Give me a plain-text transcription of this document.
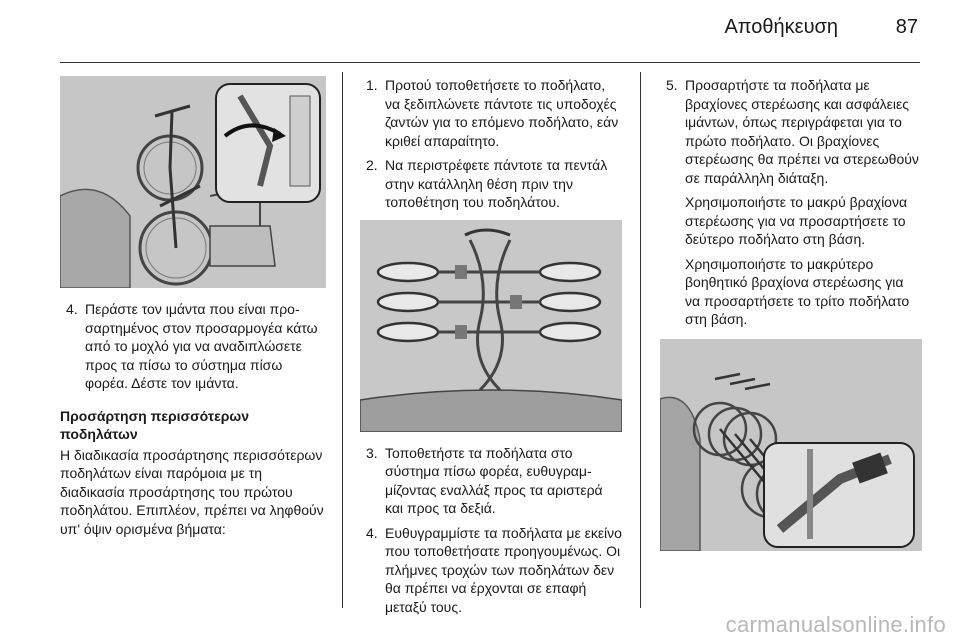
Αποθήκευση	87
4. Περάστε τον ιμάντα που είναι προσαρτημένος στον προσαρμογέα κάτω από το μοχλό για να αναδιπλώσετε προς τα πίσω το σύστημα πίσω φορέα. Δέστε τον ιμάντα.

Προσάρτηση περισσότερων ποδηλάτων

Η διαδικασία προσάρτησης περισσότερων ποδηλάτων είναι παρόμοια με τη διαδικασία προσάρτησης του πρώτου ποδηλάτου. Επιπλέον, πρέπει να ληφθούν υπ' όψιν ορισμένα βήματα:

1. Προτού τοποθετήσετε το ποδήλατο, να ξεδιπλώνετε πάντοτε τις υποδοχές ζαντών για το επόμενο ποδήλατο, εάν κριθεί απαραίτητο.
2. Να περιστρέφετε πάντοτε τα πεντάλ στην κατάλληλη θέση πριν την τοποθέτηση του ποδηλάτου.
3. Τοποθετήστε τα ποδήλατα στο σύστημα πίσω φορέα, ευθυγραμμίζοντας εναλλάξ προς τα αριστερά και προς τα δεξιά.
4. Ευθυγραμμίστε τα ποδήλατα με εκείνο που τοποθετήσατε προηγουμένως. Οι πλήμνες τροχών των ποδηλάτων δεν θα πρέπει να έρχονται σε επαφή μεταξύ τους.
5. Προσαρτήστε τα ποδήλατα με βραχίονες στερέωσης και ασφάλειες ιμάντων, όπως περιγράφεται για το πρώτο ποδήλατο. Οι βραχίονες στερέωσης θα πρέπει να στερεωθούν σε παράλληλη διάταξη.

Χρησιμοποιήστε το μακρύ βραχίονα στερέωσης για να προσαρτήσετε το δεύτερο ποδήλατο στη βάση.

Χρησιμοποιήστε το μακρύτερο βοηθητικό βραχίονα στερέωσης για να προσαρτήσετε το τρίτο ποδήλατο στη βάση.

carmanualsonline.info
